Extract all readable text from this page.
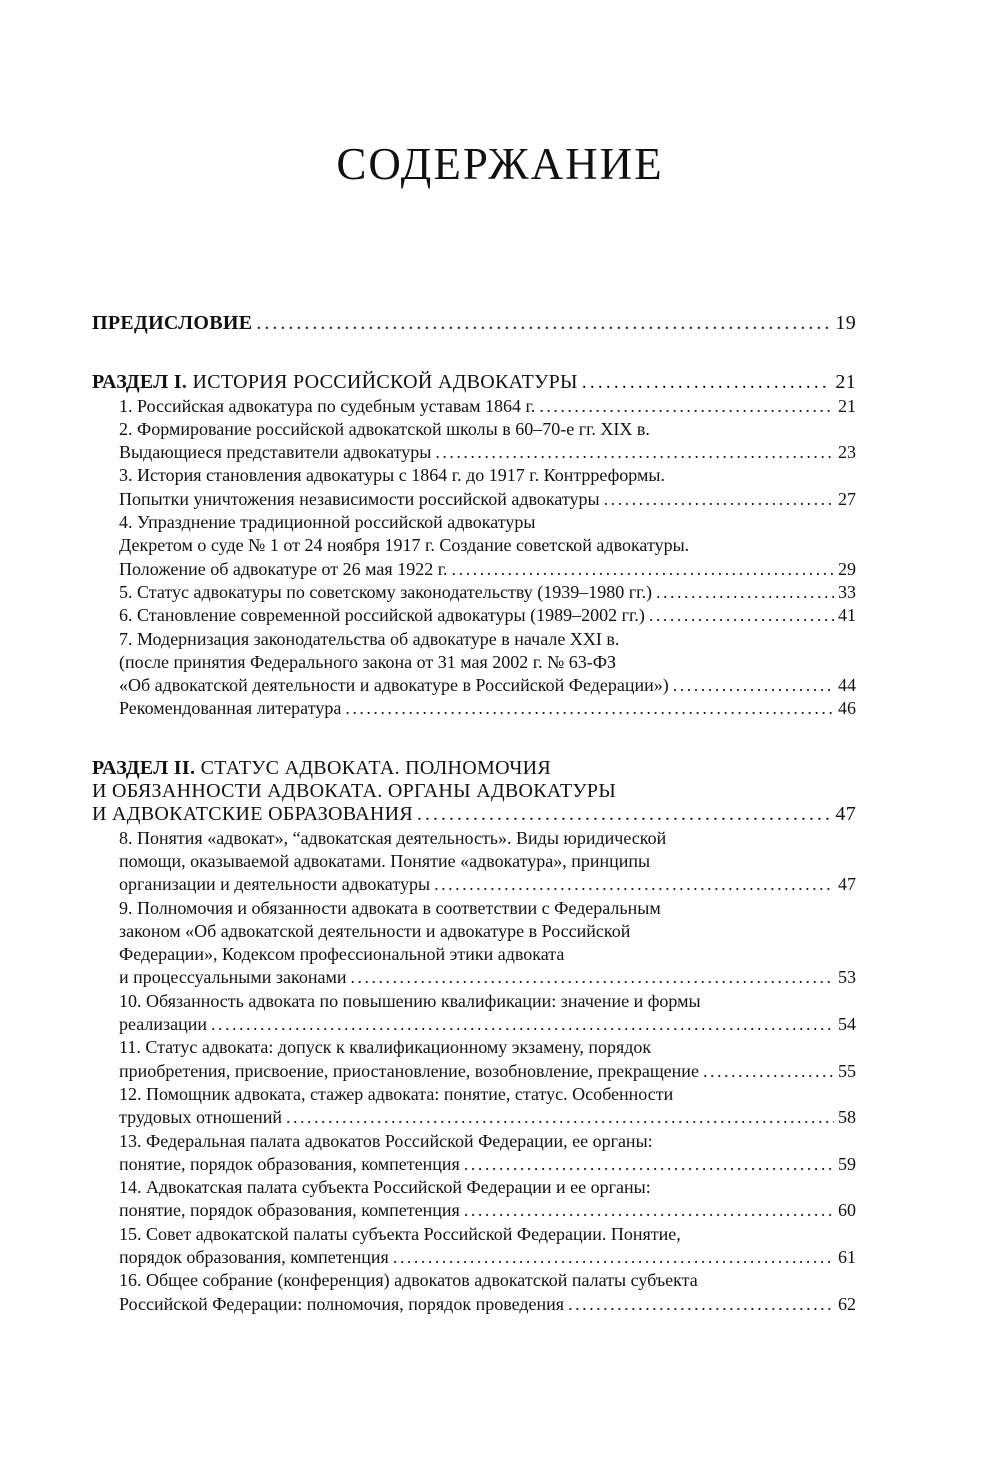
СОДЕРЖАНИЕ
ПРЕДИСЛОВИЕ . . .	19
РАЗДЕЛ I. ИСТОРИЯ РОССИЙСКОЙ АДВОКАТУРЫ . . .	21
1. Российская адвокатура по судебным уставам 1864 г. . . .	21
2. Формирование российской адвокатской школы в 60–70-е гг. XIX в.
Выдающиеся представители адвокатуры . . .	23
3. История становления адвокатуры с 1864 г. до 1917 г. Контрреформы.
Попытки уничтожения независимости российской адвокатуры . . .	27
4. Упразднение традиционной российской адвокатуры
Декретом о суде № 1 от 24 ноября 1917 г. Создание советской адвокатуры.
Положение об адвокатуре от 26 мая 1922 г. . . .	29
5. Статус адвокатуры по советскому законодательству (1939–1980 гг.) . . .	33
6. Становление современной российской адвокатуры (1989–2002 гг.) . . .	41
7. Модернизация законодательства об адвокатуре в начале XXI в.
(после принятия Федерального закона от 31 мая 2002 г. № 63-ФЗ
«Об адвокатской деятельности и адвокатуре в Российской Федерации») . . .	44
Рекомендованная литература . . .	46
РАЗДЕЛ II. СТАТУС АДВОКАТА. ПОЛНОМОЧИЯ
И ОБЯЗАННОСТИ АДВОКАТА. ОРГАНЫ АДВОКАТУРЫ
И АДВОКАТСКИЕ ОБРАЗОВАНИЯ . . .	47
8. Понятия «адвокат», “адвокатская деятельность». Виды юридической
помощи, оказываемой адвокатами. Понятие «адвокатура», принципы
организации и деятельности адвокатуры . . .	47
9. Полномочия и обязанности адвоката в соответствии с Федеральным
законом «Об адвокатской деятельности и адвокатуре в Российской
Федерации», Кодексом профессиональной этики адвоката
и процессуальными законами . . .	53
10. Обязанность адвоката по повышению квалификации: значение и формы
реализации . . .	54
11. Статус адвоката: допуск к квалификационному экзамену, порядок
приобретения, присвоение, приостановление, возобновление, прекращение . . .	55
12. Помощник адвоката, стажер адвоката: понятие, статус. Особенности
трудовых отношений . . .	58
13. Федеральная палата адвокатов Российской Федерации, ее органы:
понятие, порядок образования, компетенция . . .	59
14. Адвокатская палата субъекта Российской Федерации и ее органы:
понятие, порядок образования, компетенция . . .	60
15. Совет адвокатской палаты субъекта Российской Федерации. Понятие,
порядок образования, компетенция . . .	61
16. Общее собрание (конференция) адвокатов адвокатской палаты субъекта
Российской Федерации: полномочия, порядок проведения . . .	62
